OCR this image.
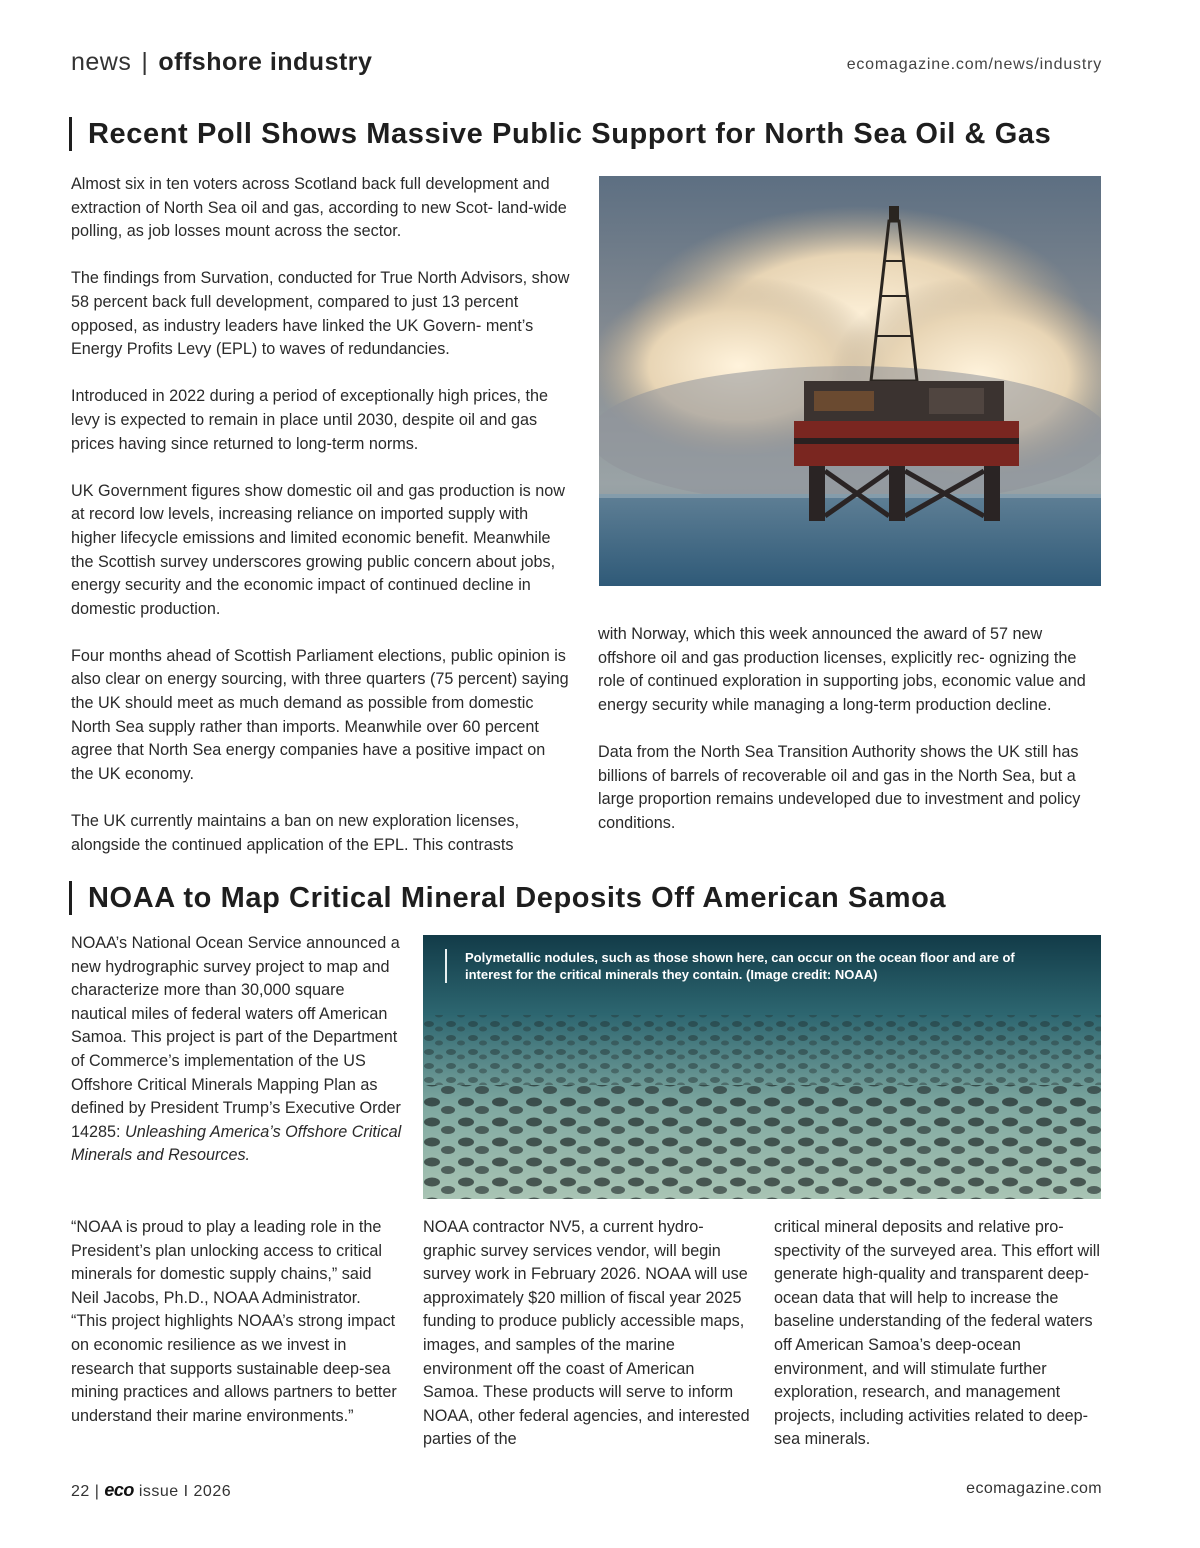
news | offshore industry	ecomagazine.com/news/industry
Recent Poll Shows Massive Public Support for North Sea Oil & Gas

Almost six in ten voters across Scotland back full development and extraction of North Sea oil and gas, according to new Scot- land-wide polling, as job losses mount across the sector.

The findings from Survation, conducted for True North Advisors, show 58 percent back full development, compared to just 13 percent opposed, as industry leaders have linked the UK Govern- ment’s Energy Profits Levy (EPL) to waves of redundancies.

Introduced in 2022 during a period of exceptionally high prices, the levy is expected to remain in place until 2030, despite oil and gas prices having since returned to long-term norms.

UK Government figures show domestic oil and gas production is now at record low levels, increasing reliance on imported supply with higher lifecycle emissions and limited economic benefit. Meanwhile the Scottish survey underscores growing public concern about jobs, energy security and the economic impact of continued decline in domestic production.

Four months ahead of Scottish Parliament elections, public opinion is also clear on energy sourcing, with three quarters (75 percent) saying the UK should meet as much demand as possible from domestic North Sea supply rather than imports. Meanwhile over 60 percent agree that North Sea energy companies have a positive impact on the UK economy.

The UK currently maintains a ban on new exploration licenses, alongside the continued application of the EPL. This contrasts

with Norway, which this week announced the award of 57 new offshore oil and gas production licenses, explicitly rec- ognizing the role of continued exploration in supporting jobs, economic value and energy security while managing a long-term production decline.

Data from the North Sea Transition Authority shows the UK still has billions of barrels of recoverable oil and gas in the North Sea, but a large proportion remains undeveloped due to investment and policy conditions.

NOAA to Map Critical Mineral Deposits Off American Samoa

NOAA’s National Ocean Service announced a new hydrographic survey project to map and characterize more than 30,000 square nautical miles of federal waters off American Samoa. This project is part of the Department of Commerce’s implementation of the US Offshore Critical Minerals Mapping Plan as defined by President Trump’s Executive Order 14285: Unleashing America’s Offshore Critical Minerals and Resources.

Polymetallic nodules, such as those shown here, can occur on the ocean floor and are of interest for the critical minerals they contain. (Image credit: NOAA)

“NOAA is proud to play a leading role in the President’s plan unlocking access to critical minerals for domestic supply chains,” said Neil Jacobs, Ph.D., NOAA Administrator. “This project highlights NOAA’s strong impact on economic resilience as we invest in research that supports sustainable deep-sea mining practices and allows partners to better understand their marine environments.”

NOAA contractor NV5, a current hydro- graphic survey services vendor, will begin survey work in February 2026. NOAA will use approximately $20 million of fiscal year 2025 funding to produce publicly accessible maps, images, and samples of the marine environment off the coast of American Samoa. These products will serve to inform NOAA, other federal agencies, and interested parties of the

critical mineral deposits and relative pro- spectivity of the surveyed area. This effort will generate high-quality and transparent deep-ocean data that will help to increase the baseline understanding of the federal waters off American Samoa’s deep-ocean environment, and will stimulate further exploration, research, and management projects, including activities related to deep-sea minerals.

22 | eco issue I 2026	ecomagazine.com
